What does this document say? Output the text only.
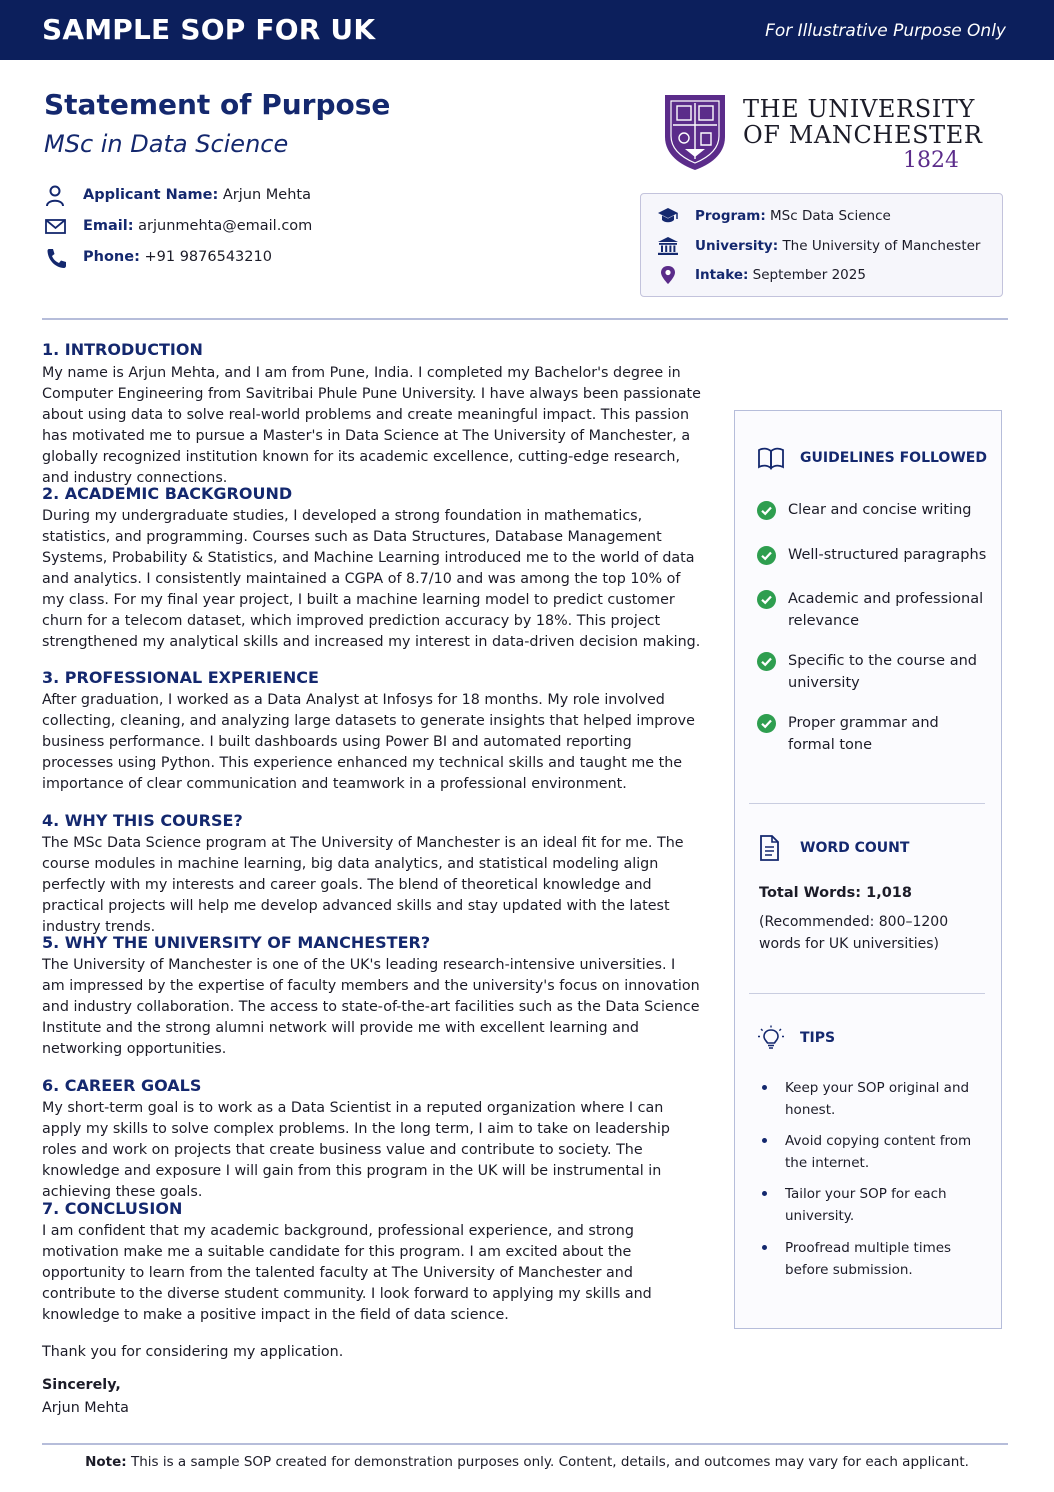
SAMPLE SOP FOR UK	For Illustrative Purpose Only
Statement of Purpose
MSc in Data Science
Applicant Name: Arjun Mehta
Email: arjunmehta@email.com
Phone: +91 9876543210
THE UNIVERSITY
OF MANCHESTER
1824
Program: MSc Data Science
University: The University of Manchester
Intake: September 2025
1. INTRODUCTION
My name is Arjun Mehta, and I am from Pune, India. I completed my Bachelor's degree in Computer Engineering from Savitribai Phule Pune University. I have always been passionate about using data to solve real-world problems and create meaningful impact. This passion has motivated me to pursue a Master's in Data Science at The University of Manchester, a globally recognized institution known for its academic excellence, cutting-edge research, and industry connections.
2. ACADEMIC BACKGROUND
During my undergraduate studies, I developed a strong foundation in mathematics, statistics, and programming. Courses such as Data Structures, Database Management Systems, Probability & Statistics, and Machine Learning introduced me to the world of data and analytics. I consistently maintained a CGPA of 8.7/10 and was among the top 10% of my class. For my final year project, I built a machine learning model to predict customer churn for a telecom dataset, which improved prediction accuracy by 18%. This project strengthened my analytical skills and increased my interest in data-driven decision making.
3. PROFESSIONAL EXPERIENCE
After graduation, I worked as a Data Analyst at Infosys for 18 months. My role involved collecting, cleaning, and analyzing large datasets to generate insights that helped improve business performance. I built dashboards using Power BI and automated reporting processes using Python. This experience enhanced my technical skills and taught me the importance of clear communication and teamwork in a professional environment.
4. WHY THIS COURSE?
The MSc Data Science program at The University of Manchester is an ideal fit for me. The course modules in machine learning, big data analytics, and statistical modeling align perfectly with my interests and career goals. The blend of theoretical knowledge and practical projects will help me develop advanced skills and stay updated with the latest industry trends.
5. WHY THE UNIVERSITY OF MANCHESTER?
The University of Manchester is one of the UK's leading research-intensive universities. I am impressed by the expertise of faculty members and the university's focus on innovation and industry collaboration. The access to state-of-the-art facilities such as the Data Science Institute and the strong alumni network will provide me with excellent learning and networking opportunities.
6. CAREER GOALS
My short-term goal is to work as a Data Scientist in a reputed organization where I can apply my skills to solve complex problems. In the long term, I aim to take on leadership roles and work on projects that create business value and contribute to society. The knowledge and exposure I will gain from this program in the UK will be instrumental in achieving these goals.
7. CONCLUSION
I am confident that my academic background, professional experience, and strong motivation make me a suitable candidate for this program. I am excited about the opportunity to learn from the talented faculty at The University of Manchester and contribute to the diverse student community. I look forward to applying my skills and knowledge to make a positive impact in the field of data science.
Thank you for considering my application.
Sincerely,
Arjun Mehta
GUIDELINES FOLLOWED
Clear and concise writing
Well-structured paragraphs
Academic and professional relevance
Specific to the course and university
Proper grammar and formal tone
WORD COUNT
Total Words: 1,018
(Recommended: 800–1200 words for UK universities)
TIPS
Keep your SOP original and honest.
Avoid copying content from the internet.
Tailor your SOP for each university.
Proofread multiple times before submission.
Note: This is a sample SOP created for demonstration purposes only. Content, details, and outcomes may vary for each applicant.
